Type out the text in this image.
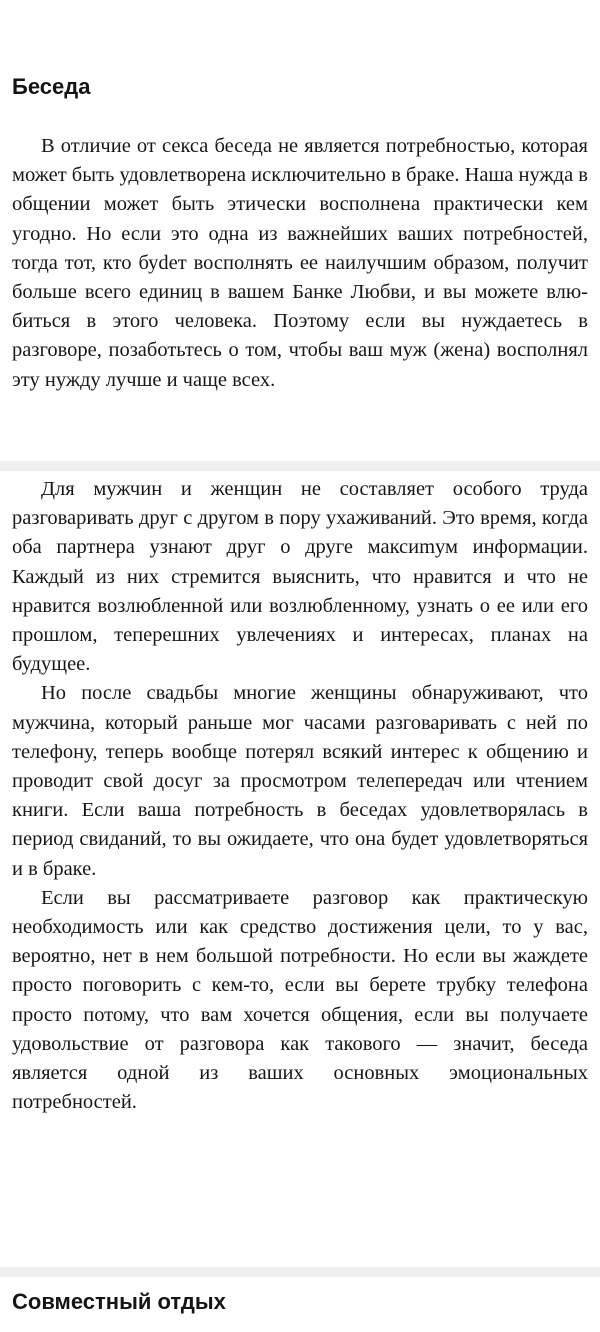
Беседа

В отличие от секса беседа не является потребностью, которая может быть удовлетворена исключительно в браке. Наша нужда в общении может быть этически восполнена практически кем угодно. Но если это одна из важнейших ваших потребностей, тогда тот, кто буdет восполнять ее наилучшим образом, получит больше всего единиц в вашем Банке Любви, и вы можете влюбиться в этого человека. Поэтому если вы нуждаетесь в разговоре, позаботьтесь о том, чтобы ваш муж (жена) восполнял эту нужду лучше и чаще всех.

Для мужчин и женщин не составляет особого труда разговаривать друг с другом в пору ухаживаний. Это время, когда оба партнера узнают друг о друге максиmум информации. Каждый из них стремится выяснить, что нравится и что не нравится возлюбленной или возлюбленному, узнать о ее или его прошлом, теперешних увлечениях и интересах, планах на будущее.

Но после свадьбы многие женщины обнаруживают, что мужчина, который раньше мог часами разговаривать с ней по телефону, теперь вообще потерял всякий интерес к общению и проводит свой досуг за просмотром телепередач или чтением книги. Если ваша потребность в беседах удовлетворялась в период свиданий, то вы ожидаете, что она будет удовлетворяться и в браке.

Если вы рассматриваете разговор как практическую необходимость или как средство достижения цели, то у вас, вероятно, нет в нем большой потребности. Но если вы жаждете просто поговорить с кем-то, если вы берете трубку телефона просто потому, что вам хочется общения, если вы получаете удовольствие от разговора как такового — значит, беседа является одной из ваших основных эмоциональных потребностей.

Совместный отдых
